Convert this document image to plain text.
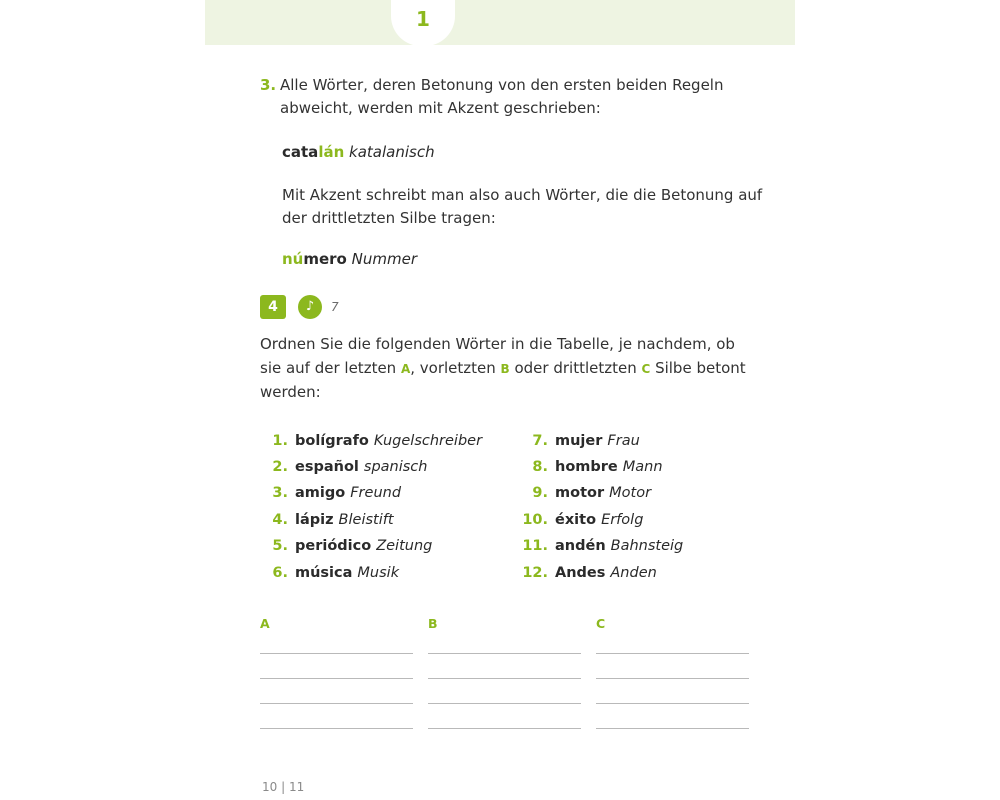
1
3. Alle Wörter, deren Betonung von den ersten beiden Regeln abweicht, werden mit Akzent geschrieben:
catalán katalanisch
Mit Akzent schreibt man also auch Wörter, die die Betonung auf der drittletzten Silbe tragen:
número Nummer
4	♪	7
Ordnen Sie die folgenden Wörter in die Tabelle, je nachdem, ob sie auf der letzten A, vorletzten B oder drittletzten C Silbe betont werden:
1. bolígrafo Kugelschreiber
2. español spanisch
3. amigo Freund
4. lápiz Bleistift
5. periódico Zeitung
6. música Musik
7. mujer Frau
8. hombre Mann
9. motor Motor
10. éxito Erfolg
11. andén Bahnsteig
12. Andes Anden
A	B	C
10 | 11
